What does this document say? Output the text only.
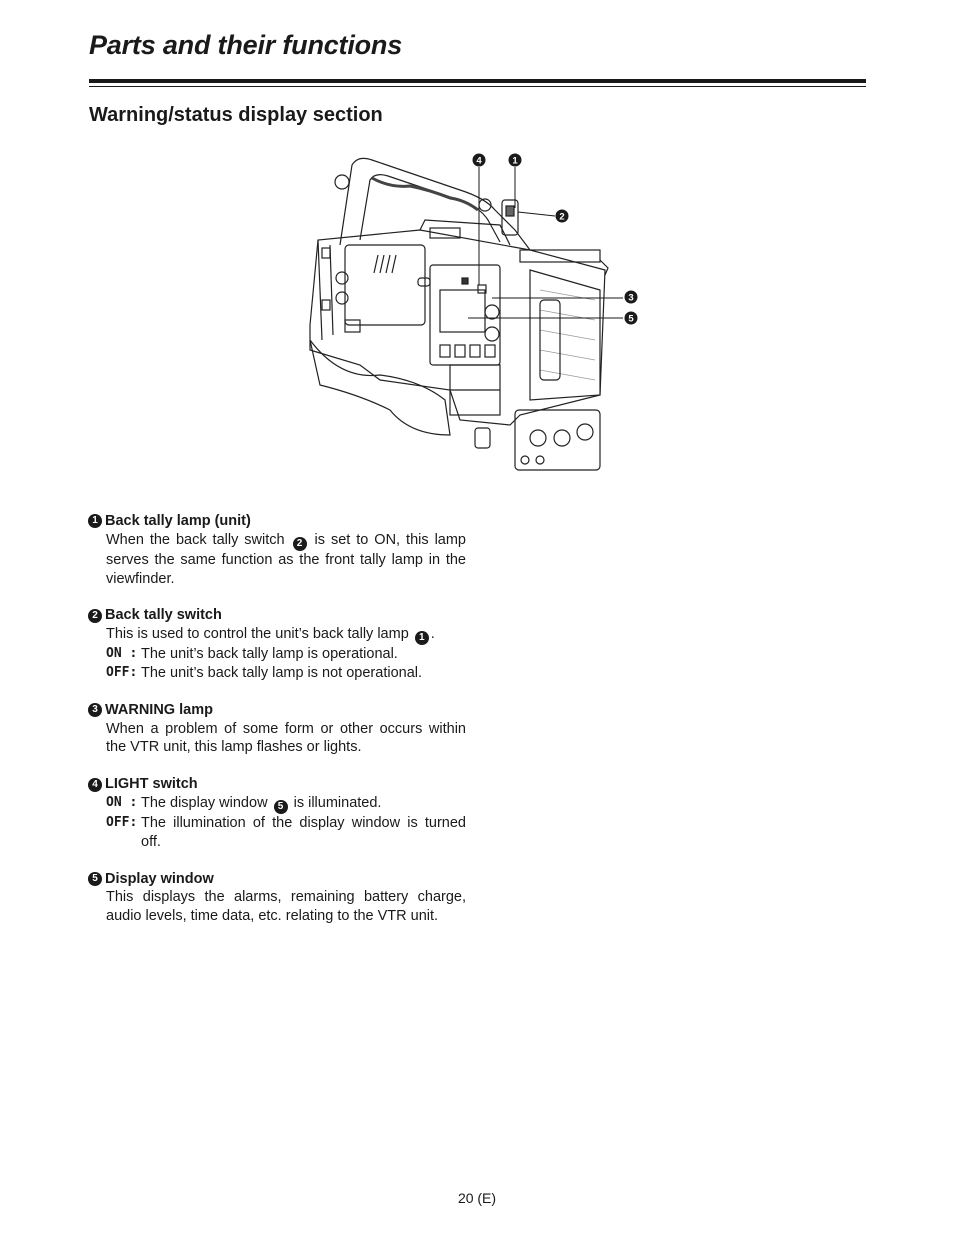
Parts and their functions
Warning/status display section
4	1
2
3
5
1 Back tally lamp (unit)
When the back tally switch 2 is set to ON, this lamp serves the same function as the front tally lamp in the viewfinder.
2 Back tally switch
This is used to control the unit’s back tally lamp 1 .
ON : The unit’s back tally lamp is operational.
OFF: The unit’s back tally lamp is not operational.
3 WARNING lamp
When a problem of some form or other occurs within the VTR unit, this lamp flashes or lights.
4 LIGHT switch
ON : The display window 5 is illuminated.
OFF: The illumination of the display window is turned off.
5 Display window
This displays the alarms, remaining battery charge, audio levels, time data, etc. relating to the VTR unit.
20 (E)
